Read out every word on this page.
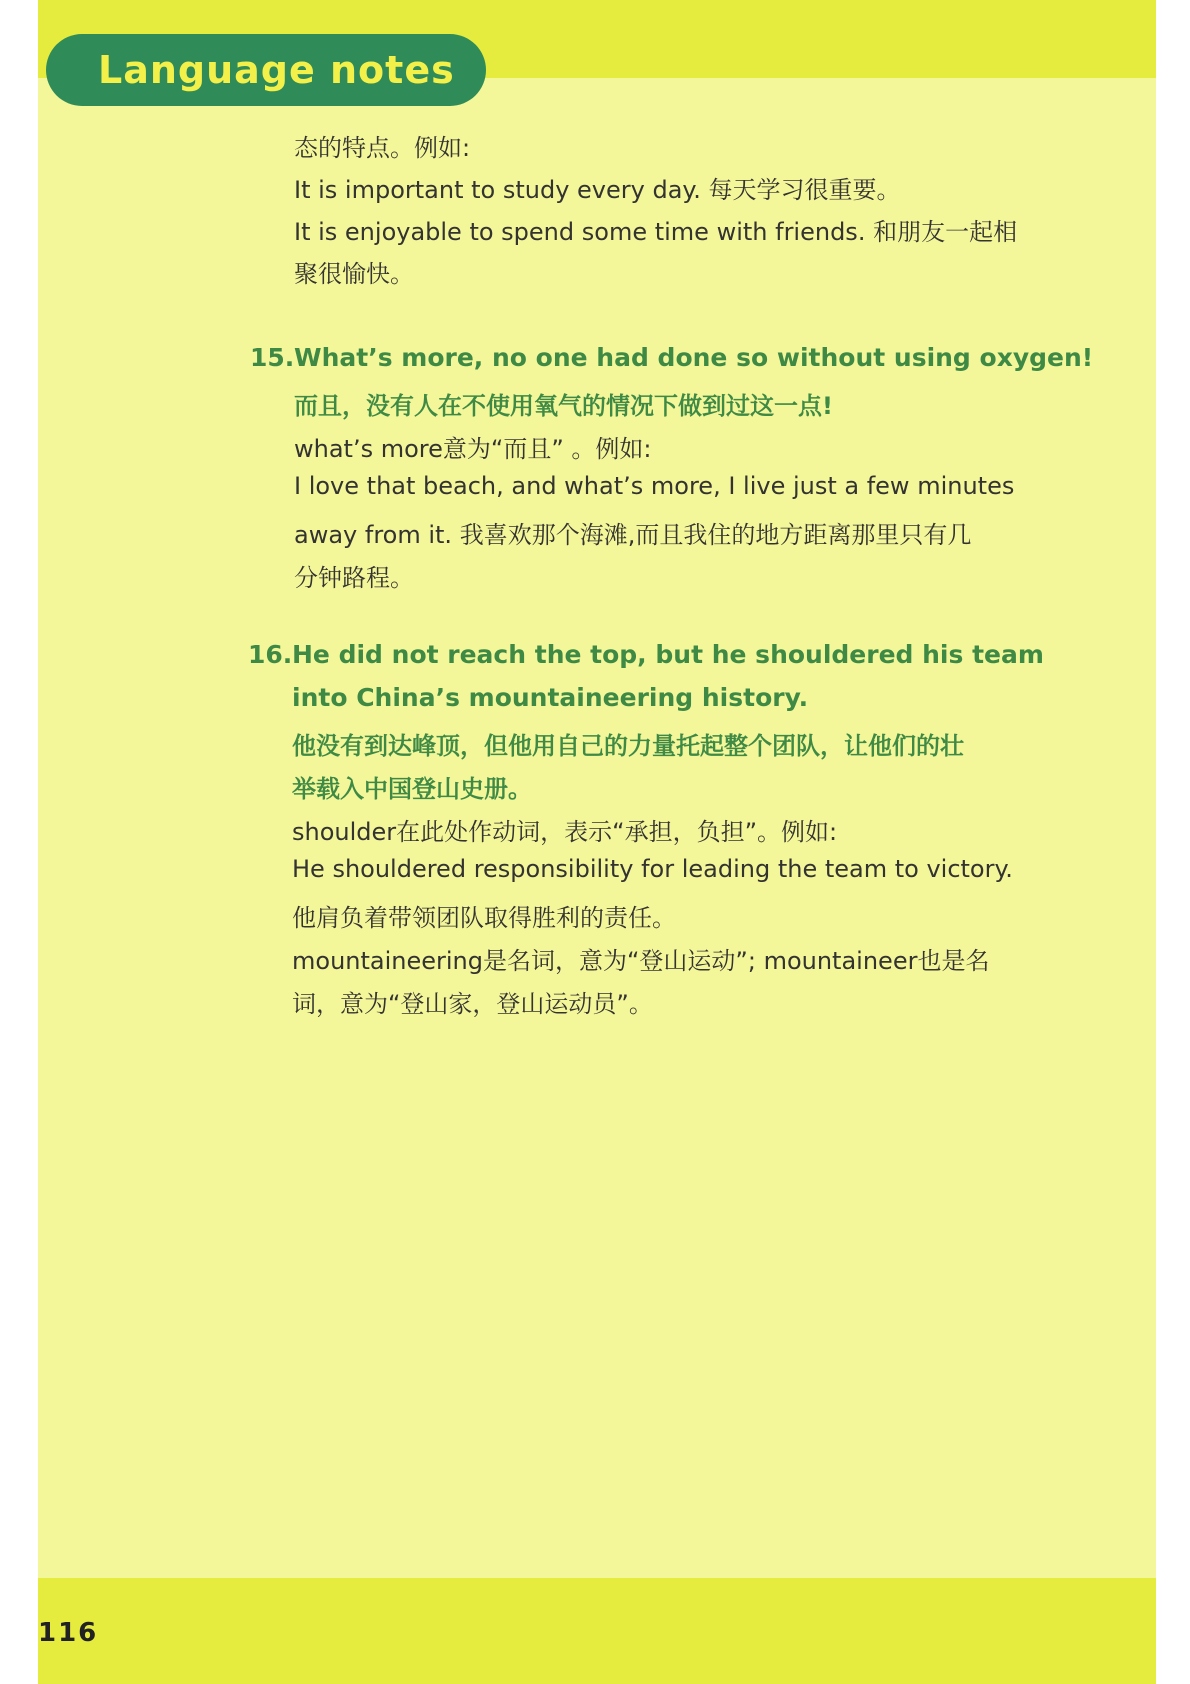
Language notes
态的特点。例如:
It is important to study every day. 每天学习很重要。
It is enjoyable to spend some time with friends. 和朋友一起相
聚很愉快。
15. What’s more, no one had done so without using oxygen!
而且，没有人在不使用氧气的情况下做到过这一点!
what’s more意为“而且” 。例如:
I love that beach, and what’s more, I live just a few minutes
away from it. 我喜欢那个海滩,而且我住的地方距离那里只有几
分钟路程。
16. He did not reach the top, but he shouldered his team
into China’s mountaineering history.
他没有到达峰顶，但他用自己的力量托起整个团队，让他们的壮
举载入中国登山史册。
shoulder在此处作动词，表示“承担，负担”。例如:
He shouldered responsibility for leading the team to victory.
他肩负着带领团队取得胜利的责任。
mountaineering是名词，意为“登山运动”; mountaineer也是名
词，意为“登山家，登山运动员”。
116
